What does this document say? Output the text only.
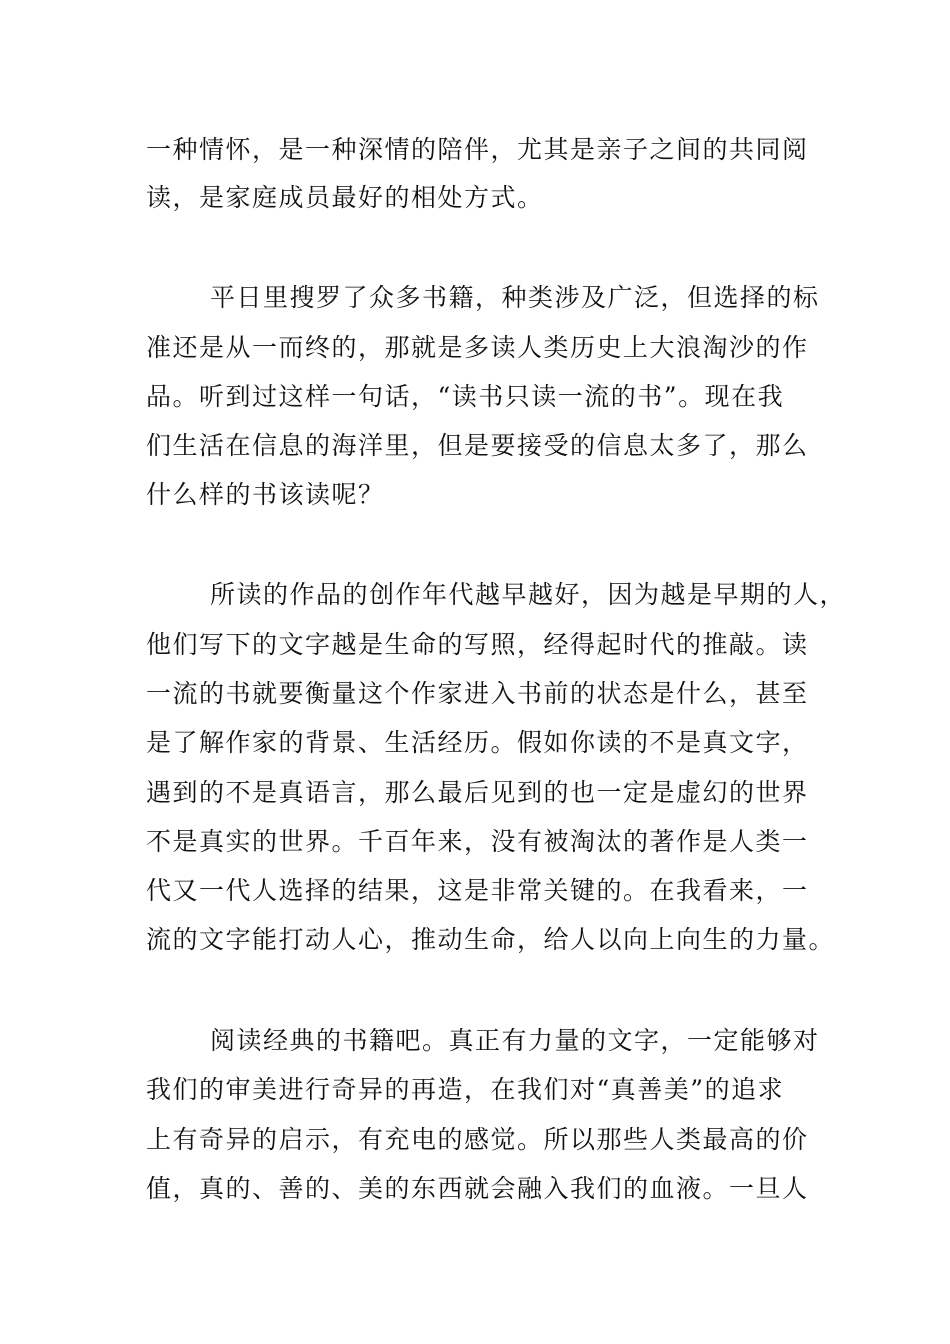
一种情怀，是一种深情的陪伴，尤其是亲子之间的共同阅
读，是家庭成员最好的相处方式。
平日里搜罗了众多书籍，种类涉及广泛，但选择的标
准还是从一而终的，那就是多读人类历史上大浪淘沙的作
品。听到过这样一句话，“读书只读一流的书”。现在我
们生活在信息的海洋里，但是要接受的信息太多了，那么
什么样的书该读呢？
所读的作品的创作年代越早越好，因为越是早期的人，
他们写下的文字越是生命的写照，经得起时代的推敲。读
一流的书就要衡量这个作家进入书前的状态是什么，甚至
是了解作家的背景、生活经历。假如你读的不是真文字，
遇到的不是真语言，那么最后见到的也一定是虚幻的世界
不是真实的世界。千百年来，没有被淘汰的著作是人类一
代又一代人选择的结果，这是非常关键的。在我看来，一
流的文字能打动人心，推动生命，给人以向上向生的力量。
阅读经典的书籍吧。真正有力量的文字，一定能够对
我们的审美进行奇异的再造，在我们对“真善美”的追求
上有奇异的启示，有充电的感觉。所以那些人类最高的价
值，真的、善的、美的东西就会融入我们的血液。一旦人
